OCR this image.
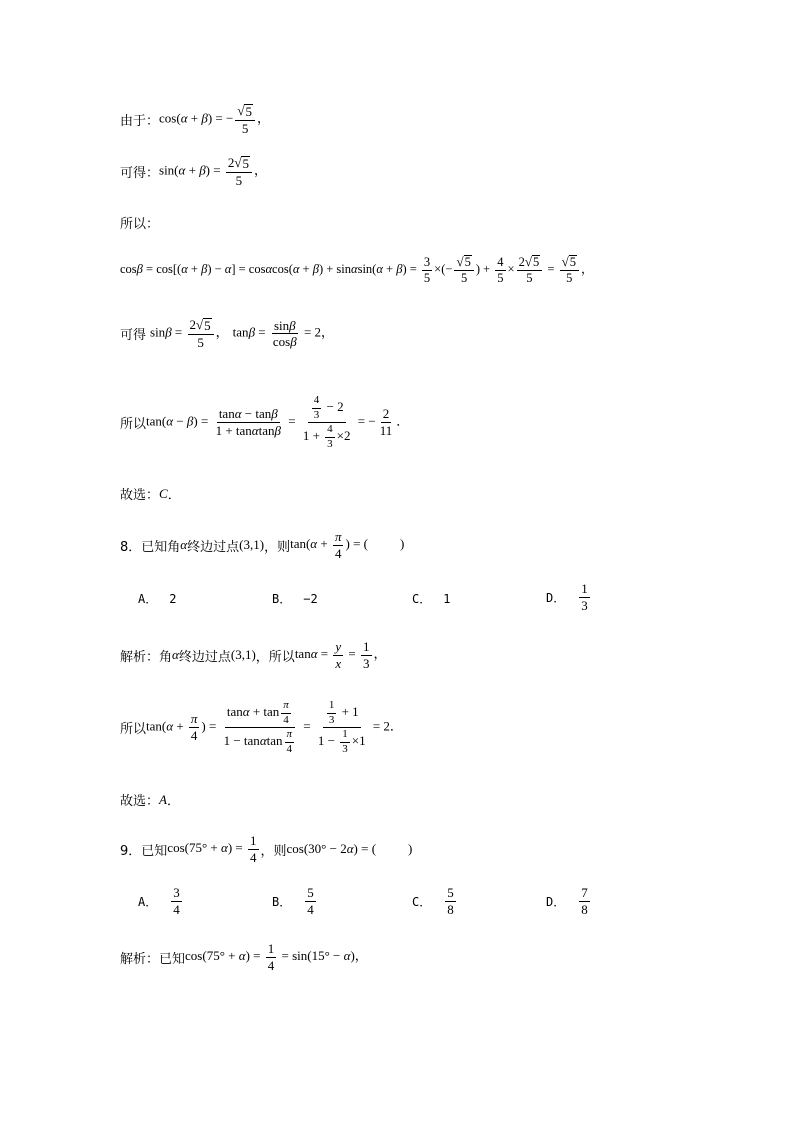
由于： cos(α + β) = − $\frac{√ 5}{5}$ ，
可得： $\sin(\alpha + \beta) = \frac{2 √ 5}{5}$ ，
所以：
$\cos\beta = \cos[(\alpha + \beta) - \alpha] = \cos\alpha\cos(\alpha + \beta) + \sin\alpha\sin(\alpha + \beta) = \frac{3}{5}$ ×(− $\frac{√ 5}{5}$ ) + $\frac{4}{5} \times \frac{2 √ 5}{5} = \frac{√ 5}{5}$ ，
可得 $\sin\beta = \frac{2 √ 5}{5}$ ， $\tan\beta = \frac{\sin\beta}{\cos\beta} = 2$，
所以 $\tan(\alpha - \beta) = \frac{\tan\alpha - \tan\beta}{1 + \tan\alpha\tan\beta} = \frac{\frac{4}{3} - 2}{1 + \frac{4}{3} \times 2}$ = − $\frac{2}{11}$ ．
故选： C ．
8． 已知角 α 终边过点 (3,1) ，则 $\tan(\alpha + \frac{\pi}{4}$ ) = ( )
A． 2	B． −2	C． 1	D． $\frac{1}{3}$
解析： 角 α 终边过点 (3,1) ，所以 $\tan\alpha = \frac{y}{x} = \frac{1}{3}$ ，
所以 $\tan(\alpha + \frac{\pi}{4}$ ) = $\frac{\tan\alpha + \tan \frac{\pi}{4}}{1 - \tan\alpha\tan \frac{\pi}{4}} = \frac{\frac{1}{3} + 1}{1 - \frac{1}{3} \times 1} = 2$．
故选： A ．
9． 已知 $\cos(75^\circ + \alpha) = \frac{1}{4}$ ，则 cos(30° − 2α) = ( )
A． $\frac{3}{4}$	B． $\frac{5}{4}$	C． $\frac{5}{8}$	D． $\frac{7}{8}$
解析： 已知 $\cos(75^\circ + \alpha) = \frac{1}{4} = \sin(15^\circ - \alpha)$，
